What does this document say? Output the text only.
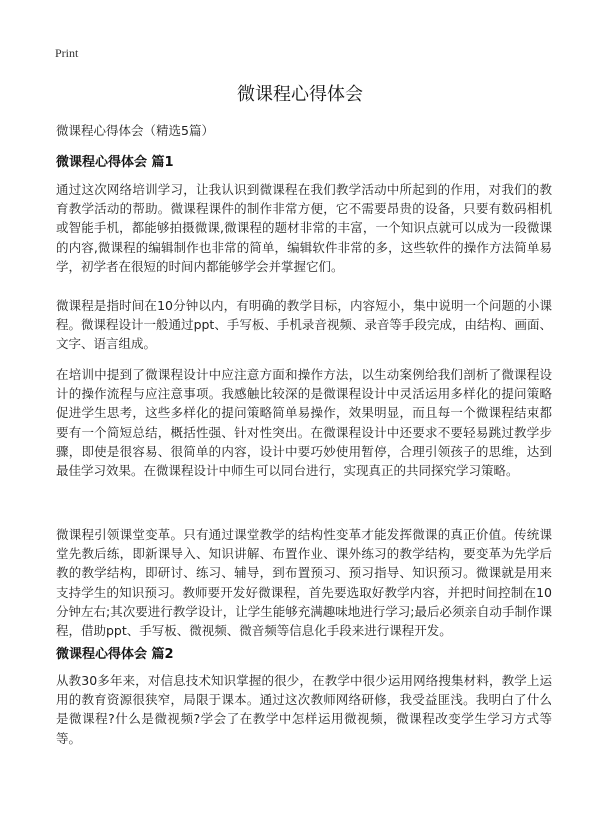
Print
微课程心得体会

微课程心得体会（精选5篇）

微课程心得体会 篇1

通过这次网络培训学习，让我认识到微课程在我们教学活动中所起到的作用，对我们的教育教学活动的帮助。微课程课件的制作非常方便，它不需要昂贵的设备，只要有数码相机或智能手机，都能够拍摄微课,微课程的题材非常的丰富，一个知识点就可以成为一段微课的内容,微课程的编辑制作也非常的简单，编辑软件非常的多，这些软件的操作方法简单易学，初学者在很短的时间内都能够学会并掌握它们。

微课程是指时间在10分钟以内，有明确的教学目标，内容短小，集中说明一个问题的小课程。微课程设计一般通过ppt、手写板、手机录音视频、录音等手段完成，由结构、画面、文字、语言组成。

在培训中提到了微课程设计中应注意方面和操作方法，以生动案例给我们剖析了微课程设计的操作流程与应注意事项。我感触比较深的是微课程设计中灵活运用多样化的提问策略促进学生思考，这些多样化的提问策略简单易操作，效果明显，而且每一个微课程结束都要有一个简短总结，概括性强、针对性突出。在微课程设计中还要求不要轻易跳过教学步骤，即使是很容易、很简单的内容，设计中要巧妙使用暂停，合理引领孩子的思维，达到最佳学习效果。在微课程设计中师生可以同台进行，实现真正的共同探究学习策略。

微课程引领课堂变革。只有通过课堂教学的结构性变革才能发挥微课的真正价值。传统课堂先教后练，即新课导入、知识讲解、布置作业、课外练习的教学结构，要变革为先学后教的教学结构，即研讨、练习、辅导，到布置预习、预习指导、知识预习。微课就是用来支持学生的知识预习。教师要开发好微课程，首先要选取好教学内容，并把时间控制在10分钟左右;其次要进行教学设计，让学生能够充满趣味地进行学习;最后必须亲自动手制作课程，借助ppt、手写板、微视频、微音频等信息化手段来进行课程开发。

微课程心得体会 篇2

从教30多年来，对信息技术知识掌握的很少，在教学中很少运用网络搜集材料，教学上运用的教育资源很狭窄，局限于课本。通过这次教师网络研修，我受益匪浅。我明白了什么是微课程?什么是微视频?学会了在教学中怎样运用微视频，微课程改变学生学习方式等等。
